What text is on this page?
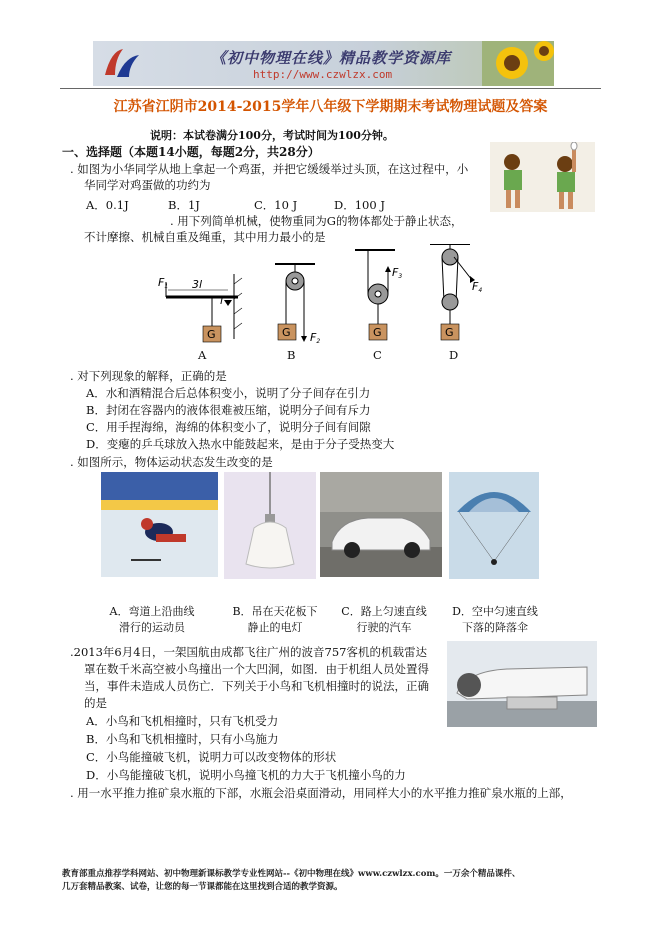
《初中物理在线》精品教学资源库
http://www.czwlzx.com
江苏省江阴市2014-2015学年八年级下学期期末考试物理试题及答案
说明：本试卷满分100分，考试时间为100分钟。
一、选择题（本题14小题，每题2分，共28分）
. 如图为小华同学从地上拿起一个鸡蛋，并把它缓缓举过头顶，在这过程中，小
华同学对鸡蛋做的功约为
A．0.1J	B．1J	C．10 J	D．100 J
. 用下列简单机械，使物重同为G的物体都处于静止状态，
不计摩擦、机械自重及绳重，其中用力最小的是
F1 3l
l
G	F2
G
F3
G
F4
G
A	B	C	D
. 对下列现象的解释，正确的是
A．水和酒精混合后总体积变小，说明了分子间存在引力
B．封闭在容器内的液体很难被压缩，说明分子间有斥力
C．用手捏海绵，海绵的体积变小了，说明分子间有间隙
D．变瘪的乒乓球放入热水中能鼓起来，是由于分子受热变大
. 如图所示，物体运动状态发生改变的是
A．弯道上沿曲线
滑行的运动员
B．吊在天花板下
静止的电灯
C．路上匀速直线
行驶的汽车
D．空中匀速直线
下落的降落伞
.2013年6月4日，一架国航由成都飞往广州的波音757客机的机载雷达
罩在数千米高空被小鸟撞出一个大凹洞，如图．由于机组人员处置得
当，事件未造成人员伤亡．下列关于小鸟和飞机相撞时的说法，正确
的是
A．小鸟和飞机相撞时，只有飞机受力
B．小鸟和飞机相撞时，只有小鸟施力
C．小鸟能撞破飞机，说明力可以改变物体的形状
D．小鸟能撞破飞机，说明小鸟撞飞机的力大于飞机撞小鸟的力
. 用一水平推力推矿泉水瓶的下部，水瓶会沿桌面滑动，用同样大小的水平推力推矿泉水瓶的上部，
教育部重点推荐学科网站、初中物理新课标教学专业性网站--《初中物理在线》www.czwlzx.com。一万余个精品课件、
几万套精品教案、试卷，让您的每一节课都能在这里找到合适的教学资源。
